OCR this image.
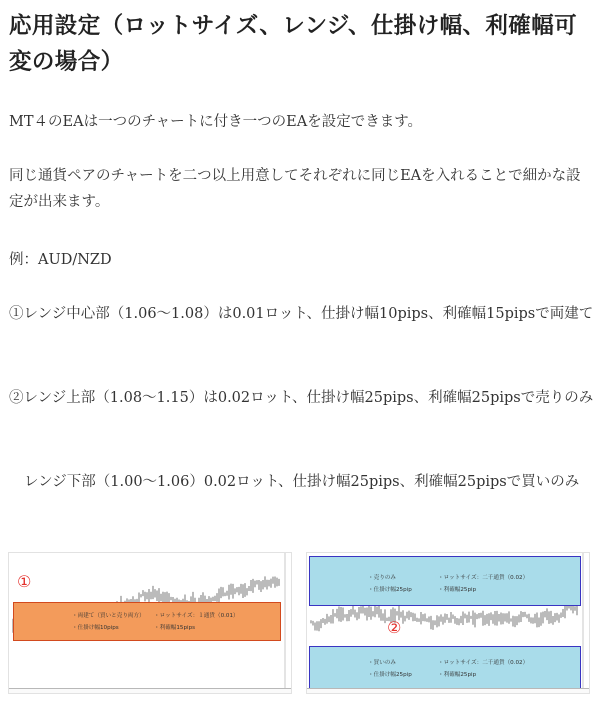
応用設定（ロットサイズ、レンジ、仕掛け幅、利確幅可変の場合）

MT４のEAは一つのチャートに付き一つのEAを設定できます。

同じ通貨ペアのチャートを二つ以上用意してそれぞれに同じEAを入れることで細かな設定が出来ます。

例：AUD/NZD

①レンジ中心部（1.06〜1.08）は0.01ロット、仕掛け幅10pips、利確幅15pipsで両建て

②レンジ上部（1.08〜1.15）は0.02ロット、仕掛け幅25pips、利確幅25pipsで売りのみ

レンジ下部（1.00〜1.06）0.02ロット、仕掛け幅25pips、利確幅25pipsで買いのみ

・両建て（買いと売り両方） ・ロットサイズ：１通貨（0.01）
・仕掛け幅10pips	・利確幅15pips
①	・売りのみ	・ロットサイズ：二千通貨（0.02）
・仕掛け幅25pip	・利確幅25pip
・買いのみ	・ロットサイズ：二千通貨（0.02）
・仕掛け幅25pip	・利確幅25pip
②
